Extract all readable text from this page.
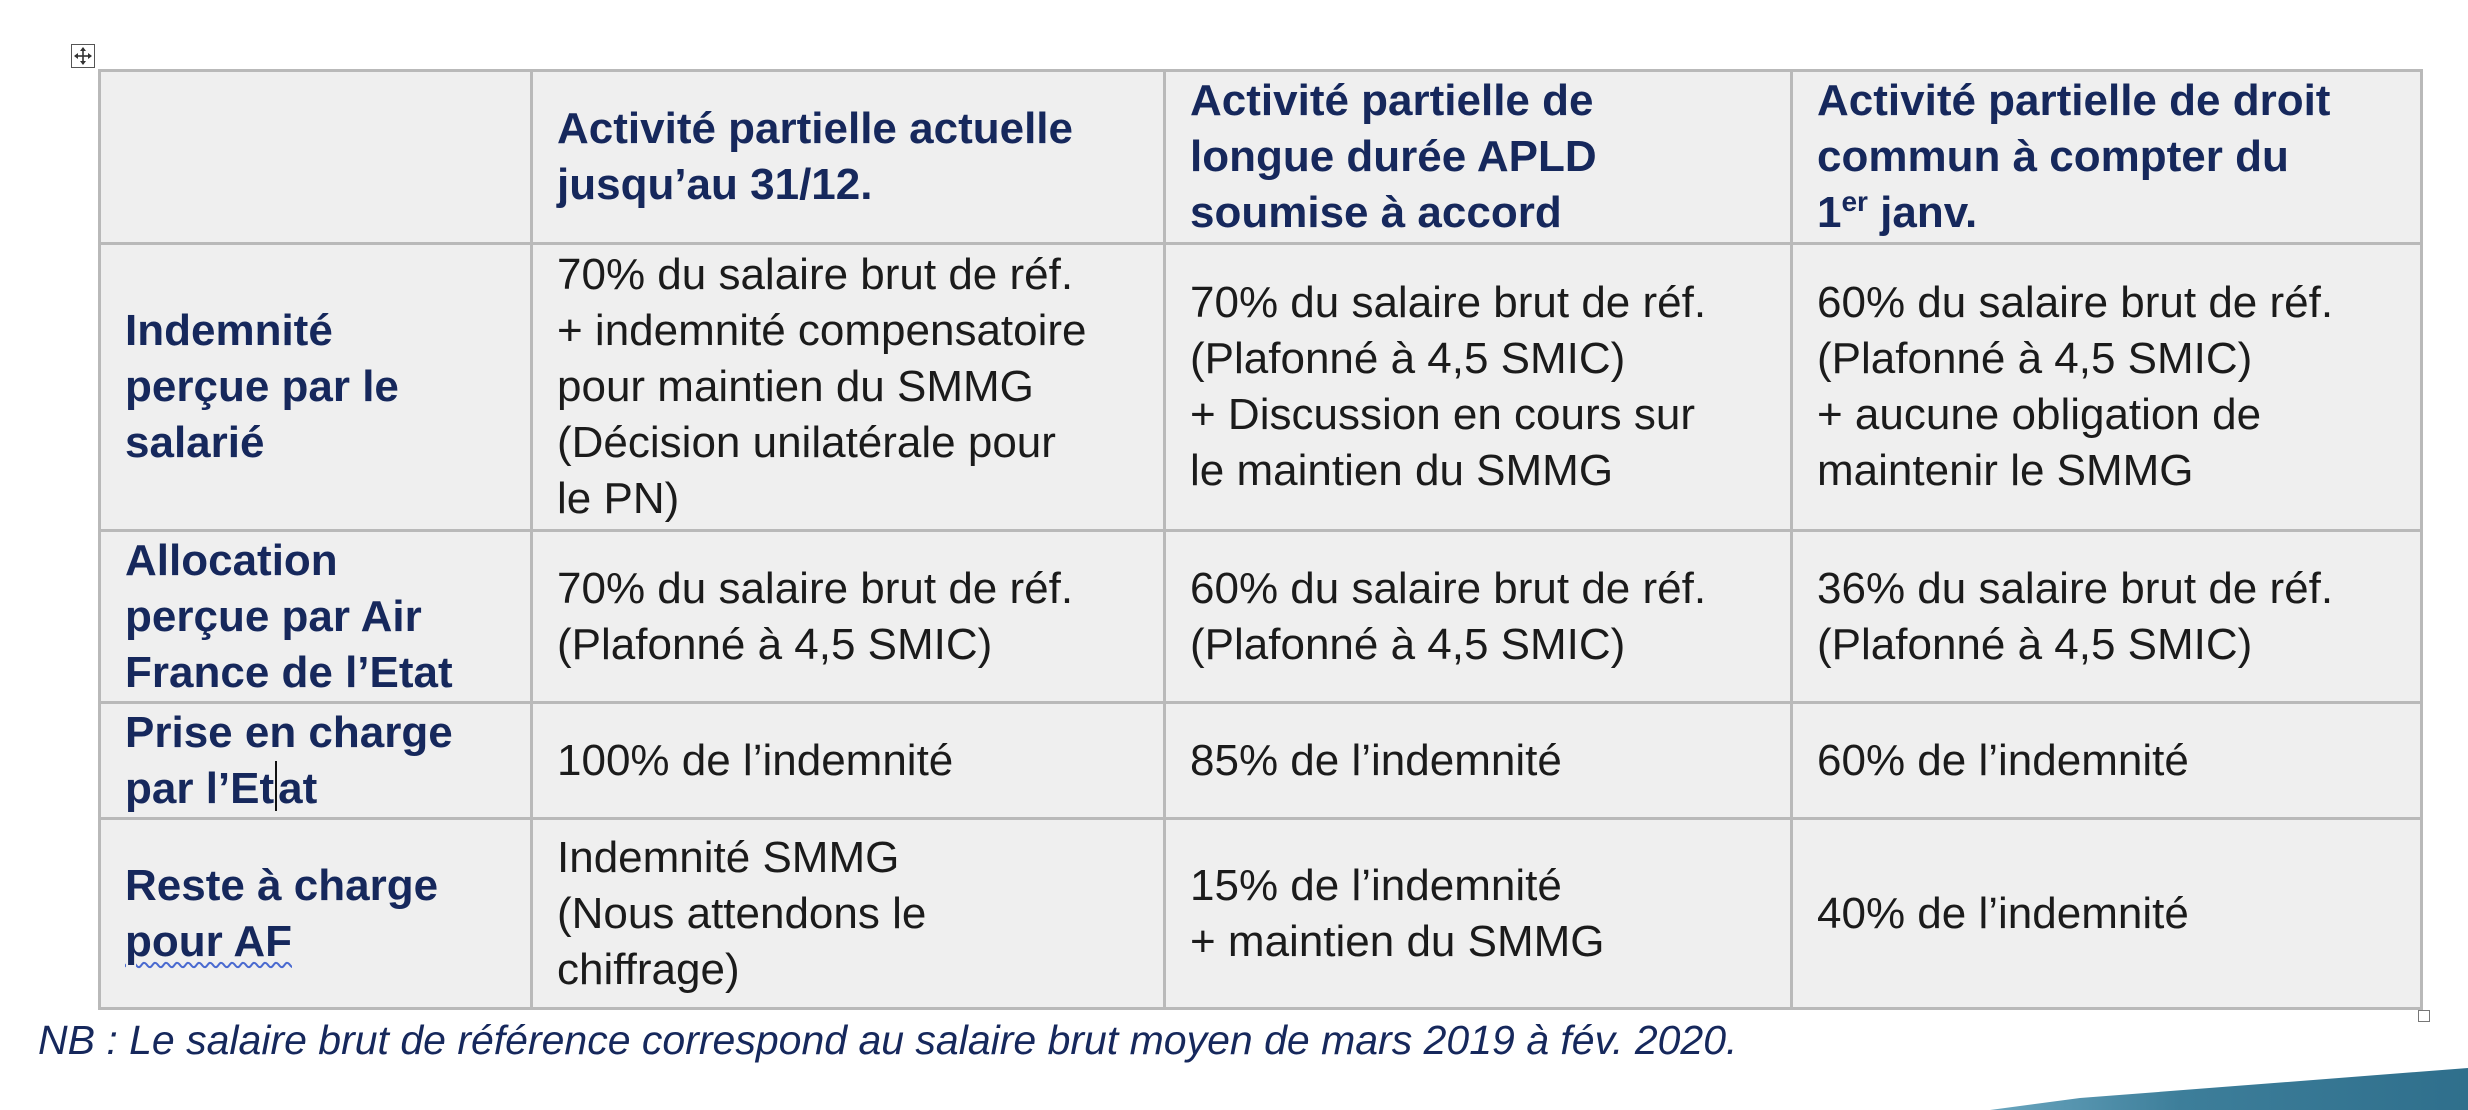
	Activité partielle actuelle
jusqu’au 31/12.	Activité partielle de
longue durée APLD
soumise à accord	Activité partielle de droit
commun à compter du
1er janv.

Indemnité
perçue par le
salarié	70% du salaire brut de réf.
+ indemnité compensatoire
pour maintien du SMMG
(Décision unilatérale pour
le PN)	70% du salaire brut de réf.
(Plafonné à 4,5 SMIC)
+ Discussion en cours sur
le maintien du SMMG	60% du salaire brut de réf.
(Plafonné à 4,5 SMIC)
+ aucune obligation de
maintenir le SMMG

Allocation
perçue par Air
France de l’Etat	70% du salaire brut de réf.
(Plafonné à 4,5 SMIC)	60% du salaire brut de réf.
(Plafonné à 4,5 SMIC)	36% du salaire brut de réf.
(Plafonné à 4,5 SMIC)

Prise en charge
par l’Etat	100% de l’indemnité	85% de l’indemnité	60% de l’indemnité

Reste à charge
pour AF	Indemnité SMMG
(Nous attendons le
chiffrage)	15% de l’indemnité
+ maintien du SMMG	40% de l’indemnité
NB : Le salaire brut de référence correspond au salaire brut moyen de mars 2019 à fév. 2020.
